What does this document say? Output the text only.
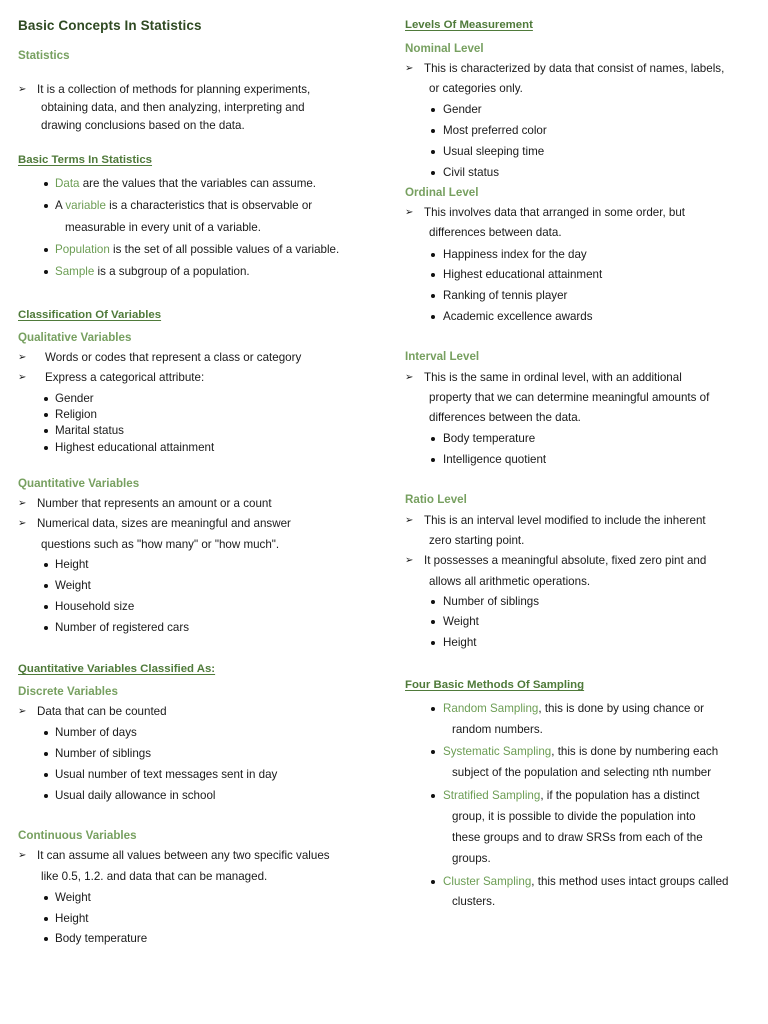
Basic Concepts In Statistics
Statistics
➢ It is a collection of methods for planning experiments,
obtaining data, and then analyzing, interpreting and
drawing conclusions based on the data.
Basic Terms In Statistics
Data are the values that the variables can assume.
A variable is a characteristics that is observable or
measurable in every unit of a variable.
Population is the set of all possible values of a variable.
Sample is a subgroup of a population.
Classification Of Variables
Qualitative Variables
➢ Words or codes that represent a class or category
➢ Express a categorical attribute:
Gender
Religion
Marital status
Highest educational attainment
Quantitative Variables
➢ Number that represents an amount or a count
➢ Numerical data, sizes are meaningful and answer
questions such as "how many" or "how much".
Height
Weight
Household size
Number of registered cars
Quantitative Variables Classified As:
Discrete Variables
➢ Data that can be counted
Number of days
Number of siblings
Usual number of text messages sent in day
Usual daily allowance in school
Continuous Variables
➢ It can assume all values between any two specific values
like 0.5, 1.2. and data that can be managed.
Weight
Height
Body temperature
Levels Of Measurement
Nominal Level
➢ This is characterized by data that consist of names, labels,
or categories only.
Gender
Most preferred color
Usual sleeping time
Civil status
Ordinal Level
➢ This involves data that arranged in some order, but
differences between data.
Happiness index for the day
Highest educational attainment
Ranking of tennis player
Academic excellence awards
Interval Level
➢ This is the same in ordinal level, with an additional
property that we can determine meaningful amounts of
differences between the data.
Body temperature
Intelligence quotient
Ratio Level
➢ This is an interval level modified to include the inherent
zero starting point.
➢ It possesses a meaningful absolute, fixed zero pint and
allows all arithmetic operations.
Number of siblings
Weight
Height
Four Basic Methods Of Sampling
Random Sampling, this is done by using chance or
random numbers.
Systematic Sampling, this is done by numbering each
subject of the population and selecting nth number
Stratified Sampling, if the population has a distinct
group, it is possible to divide the population into
these groups and to draw SRSs from each of the
groups.
Cluster Sampling, this method uses intact groups called
clusters.
